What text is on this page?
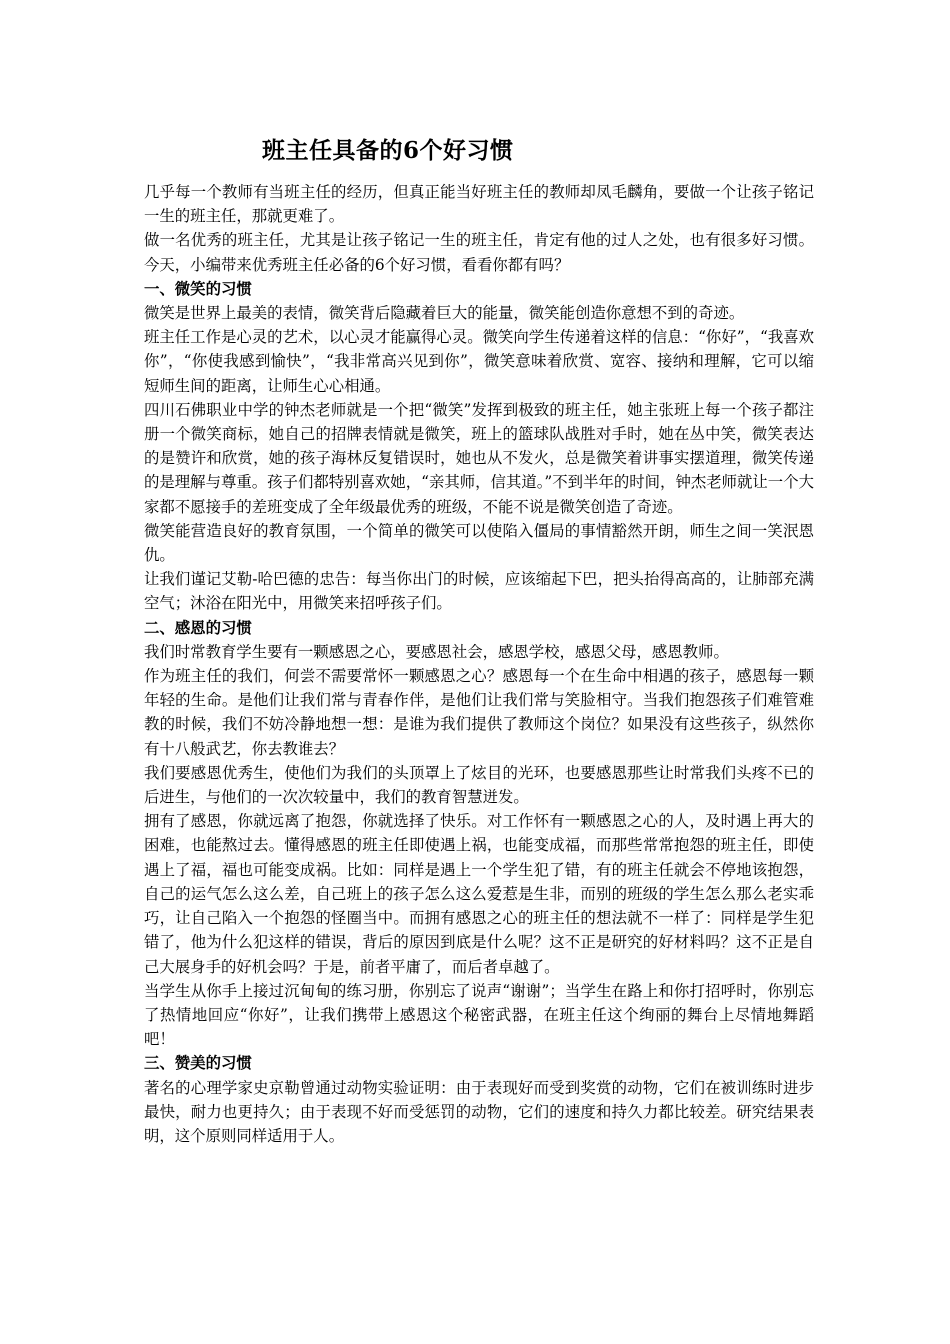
班主任具备的6个好习惯

几乎每一个教师有当班主任的经历，但真正能当好班主任的教师却凤毛麟角，要做一个让孩子铭记一生的班主任，那就更难了。

做一名优秀的班主任，尤其是让孩子铭记一生的班主任，肯定有他的过人之处，也有很多好习惯。今天，小编带来优秀班主任必备的6个好习惯，看看你都有吗？

一、微笑的习惯

微笑是世界上最美的表情，微笑背后隐藏着巨大的能量，微笑能创造你意想不到的奇迹。

班主任工作是心灵的艺术，以心灵才能赢得心灵。微笑向学生传递着这样的信息：“你好”，“我喜欢你”，“你使我感到愉快”，“我非常高兴见到你”，微笑意味着欣赏、宽容、接纳和理解，它可以缩短师生间的距离，让师生心心相通。

四川石佛职业中学的钟杰老师就是一个把“微笑”发挥到极致的班主任，她主张班上每一个孩子都注册一个微笑商标，她自己的招牌表情就是微笑，班上的篮球队战胜对手时，她在丛中笑，微笑表达的是赞许和欣赏，她的孩子海林反复错误时，她也从不发火，总是微笑着讲事实摆道理，微笑传递的是理解与尊重。孩子们都特别喜欢她，“亲其师，信其道。”不到半年的时间，钟杰老师就让一个大家都不愿接手的差班变成了全年级最优秀的班级，不能不说是微笑创造了奇迹。

微笑能营造良好的教育氛围，一个简单的微笑可以使陷入僵局的事情豁然开朗，师生之间一笑泯恩仇。

让我们谨记艾勒-哈巴德的忠告：每当你出门的时候，应该缩起下巴，把头抬得高高的，让肺部充满空气；沐浴在阳光中，用微笑来招呼孩子们。

二、感恩的习惯

我们时常教育学生要有一颗感恩之心，要感恩社会，感恩学校，感恩父母，感恩教师。

作为班主任的我们，何尝不需要常怀一颗感恩之心？感恩每一个在生命中相遇的孩子，感恩每一颗年轻的生命。是他们让我们常与青春作伴，是他们让我们常与笑脸相守。当我们抱怨孩子们难管难教的时候，我们不妨冷静地想一想：是谁为我们提供了教师这个岗位？如果没有这些孩子，纵然你有十八般武艺，你去教谁去？

我们要感恩优秀生，使他们为我们的头顶罩上了炫目的光环，也要感恩那些让时常我们头疼不已的后进生，与他们的一次次较量中，我们的教育智慧迸发。

拥有了感恩，你就远离了抱怨，你就选择了快乐。对工作怀有一颗感恩之心的人，及时遇上再大的困难，也能熬过去。懂得感恩的班主任即使遇上祸，也能变成福，而那些常常抱怨的班主任，即使遇上了福，福也可能变成祸。比如：同样是遇上一个学生犯了错，有的班主任就会不停地该抱怨，自己的运气怎么这么差，自己班上的孩子怎么这么爱惹是生非，而别的班级的学生怎么那么老实乖巧，让自己陷入一个抱怨的怪圈当中。而拥有感恩之心的班主任的想法就不一样了：同样是学生犯错了，他为什么犯这样的错误，背后的原因到底是什么呢？这不正是研究的好材料吗？这不正是自己大展身手的好机会吗？于是，前者平庸了，而后者卓越了。

当学生从你手上接过沉甸甸的练习册，你别忘了说声“谢谢”；当学生在路上和你打招呼时，你别忘了热情地回应“你好”，让我们携带上感恩这个秘密武器，在班主任这个绚丽的舞台上尽情地舞蹈吧！

三、赞美的习惯

著名的心理学家史京勒曾通过动物实验证明：由于表现好而受到奖赏的动物，它们在被训练时进步最快，耐力也更持久；由于表现不好而受惩罚的动物，它们的速度和持久力都比较差。研究结果表明，这个原则同样适用于人。
